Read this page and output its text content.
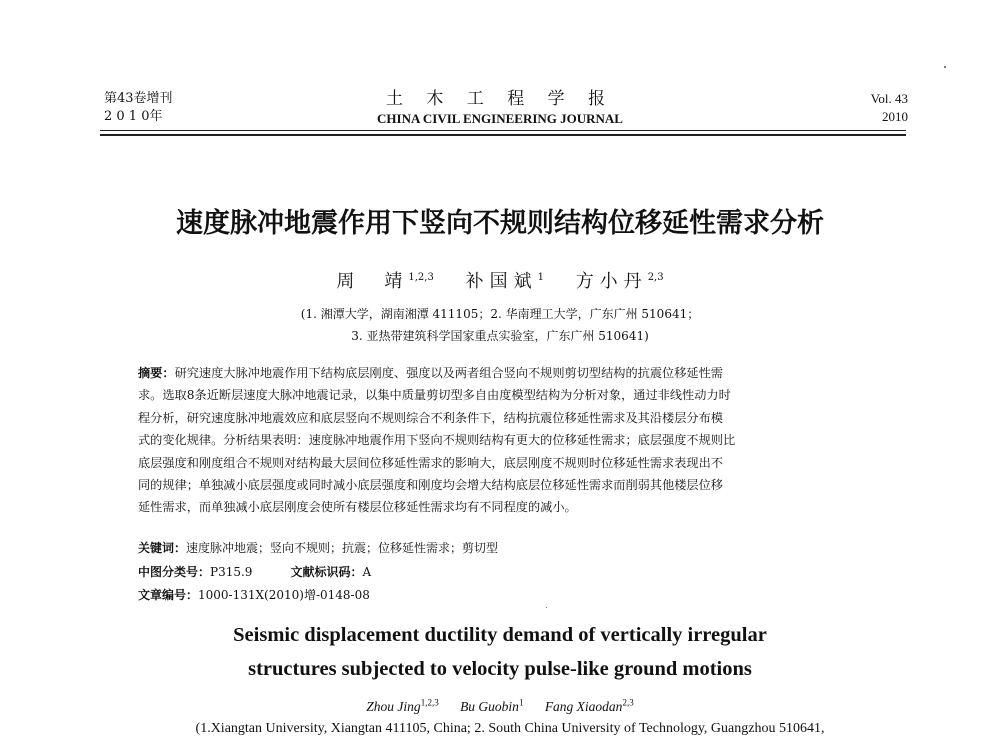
第43卷增刊
2 0 1 0年
土 木 工 程 学 报
CHINA CIVIL ENGINEERING JOURNAL
Vol. 43
2010
速度脉冲地震作用下竖向不规则结构位移延性需求分析
周　靖$^{1,2,3}$ 补国斌$^1$ 方小丹$^{2,3}$
(1. 湘潭大学，湖南湘潭 411105；2. 华南理工大学，广东广州 510641；
3. 亚热带建筑科学国家重点实验室，广东广州 510641)
摘要：研究速度大脉冲地震作用下结构底层刚度、强度以及两者组合竖向不规则剪切型结构的抗震位移延性需
求。选取8条近断层速度大脉冲地震记录，以集中质量剪切型多自由度模型结构为分析对象，通过非线性动力时
程分析，研究速度脉冲地震效应和底层竖向不规则综合不利条件下，结构抗震位移延性需求及其沿楼层分布模
式的变化规律。分析结果表明：速度脉冲地震作用下竖向不规则结构有更大的位移延性需求；底层强度不规则比
底层强度和刚度组合不规则对结构最大层间位移延性需求的影响大，底层刚度不规则时位移延性需求表现出不
同的规律；单独减小底层强度或同时减小底层强度和刚度均会增大结构底层位移延性需求而削弱其他楼层位移
延性需求，而单独减小底层刚度会使所有楼层位移延性需求均有不同程度的减小。
关键词：速度脉冲地震；竖向不规则；抗震；位移延性需求；剪切型
中图分类号：P315.9	文献标识码：A
文章编号：1000-131X(2010)增-0148-08
Seismic displacement ductility demand of vertically irregular
structures subjected to velocity pulse-like ground motions
Zhou Jing$^{1,2,3}$ Bu Guobin$^1$ Fang Xiaodan$^{2,3}$
(1.Xiangtan University, Xiangtan 411105, China; 2. South China University of Technology, Guangzhou 510641,
